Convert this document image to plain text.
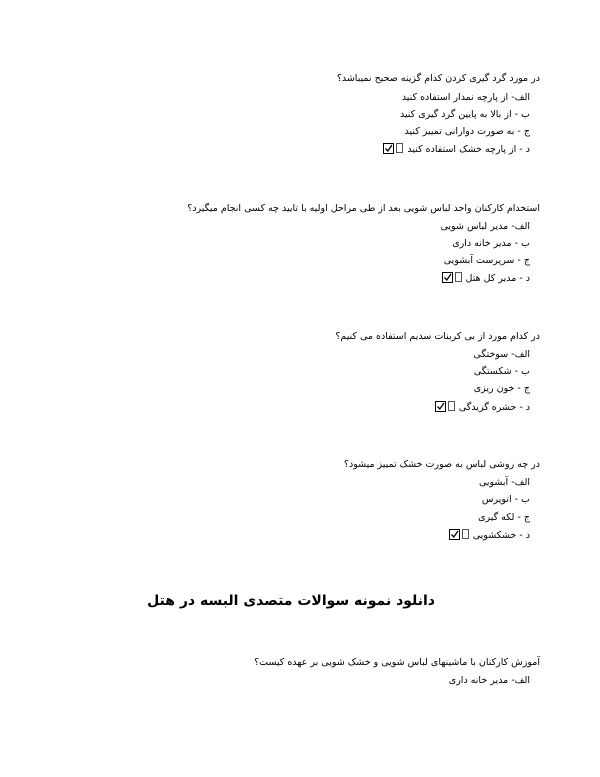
در مورد گرد گیری کردن کدام گزینه صحیح نمیباشد؟
الف- از پارچه نمدار استفاده کنید
ب - از بالا به پایین گرد گیری کنید
ج - به صورت دوارانی تمییز کنید
د - از پارچه خشک استفاده کنید
استخدام کارکنان واحد لباس شویی بعد از طی مراحل اولیه با تایید چه کسی انجام میگیرد؟
الف- مدیر لباس شویی
ب - مدیر خانه داری
ج - سرپرست آبشویی
د - مدیر کل هتل
در کدام مورد از بی کربنات سدیم استفاده می کنیم؟
الف- سوختگی
ب - شکستگی
ج - خون ریزی
د - حشره گزیدگی
در چه روشی لباس به صورت خشک تمییز میشود؟
الف- آبشویی
ب - اتوپرس
ج - لکه گیری
د - خشکشویی
دانلود نمونه سوالات متصدی البسه در هتل
آموزش کارکنان با ماشینهای لباس شویی و خشک شویی بر عهده کیست؟
الف- مدیر خانه داری
